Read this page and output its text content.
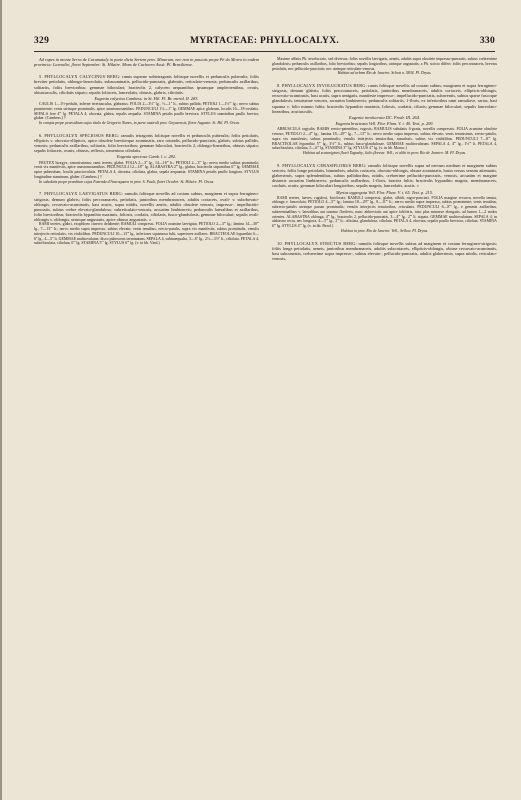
329	MYRTACEAE: PHYLLOCALYX.	330

Ad rupes in monte Serra de Curumataly in parte dicta Sertem prov. Minarum, nec non in pascuis prope Pé do Morro in eadem provincia: Lavradio; floret Septembri: St. Hilaire. Mons de Cachorro Assú: Pl. Brasiliense.

5. PHYLLOCALYX CALYCINUS BERG: ramis superne subtetragonis foliisque novellis et pedunculis puberulis; foliis breviter petiolatis, oblongo-lanceolatis, subacuminatis, pellucido-punctatis, glabratis, reticulato-venosis; pedunculis axillaribus, solitariis, foliis brevioribus; gemmae biloculari; bracteolis 2, calycem aequantibus ipsumque amplectentibus, ovatis, obtusiusculis, ciliolatis stipato; sepalis foliaceis, lanceolatis, obtusis, glabris, ciliolatis.

Eugenia calycina Cambess. in St. Hil. Fl. Br. merid. II. 283.

CAULIS 1—1½-pedalis, inferne teretiusculus, glabratus. FOLIA 2—3½'' lg., ½—1'' lt., subtus pallida; PETIOLI 1—1½''' lg.; nervo subtus prominente; venis utrinque prominulis, apice anastomosantibus. PEDUNCULI 1½—1'' lg. GEMMAE apice glabrum, loculis 16—18-ovulatis. SEPALA fere 4''' lg. PETALA 4, obovata, glabra, sepalis aequalia. STAMINA petalis paullo breviora. STYLUS staminibus paullo brevior, glaber. (Cambess.) †

In campis prope praesidium cujus titulo de Gregorio Nunes, in parte australi prov. Goyazensis, floret Augusto: St. Hil. Pl. Orcas.

6. PHYLLOCALYX SPECIOSUS BERG: ramulis tetragonis foliisque novellis et pedunculis puberulis; foliis petiolatis, ellipticis v. obovato-ellipticis, apice obsolete breviterque acuminatis, raro rotundis, pellucido-punctatis, glabris, subtus pallidis, venosis; pedunculis axillaribus, solitariis, folio brevioribus; gemmae biloculari, bracteolis 2, oblongo-linearibus, obtusis stipato; sepalis foliaceis, ovatis, obtusis, reflexis, tomentoso ciliolatis.

Eugenia speciosa Camb. l. c. 282.

FRUTEX biorgyx, ramosissimus; rami teretes, glabri. FOLIA 2—3'' lg., 14—16''' lt.; PETIOLI 2—3''' lg.; nervo medio subtus prominulo; venis vix manifestis, apice anastomosantibus. PEDUNCULI 12—18''' lg. ALABASTRA 2''' lg., glabra, bracteolis stipantibus 6''' lg. GEMMAE apice puberulum, loculis pauciovulatis. PETALA 4, obovata, ciliolata, glabra, sepala aequantia. STAMINA petalis paullo longiora. STYLUS longitudine staminum, glaber. (Cambess.) †

In subalatis prope praedium cujus Fazenda d'Araraquara in prov. S. Pauli, floret Octobri: St. Hilaire. Pl. Orcas.

7. PHYLLOCALYX LAEVIGATUS BERG: ramulis foliisque novellis ad costam subtus, marginem et supra ferrugineo-strigosis, demum glabris; foliis percoranaceis, petiolatis, junioribus membranaceis, adultis coriaceis, ovali- v. subobovato-oblongis, recurvato-acuminatis, basi acutis, supra nitidis, novellis aeniis, adultis obsolete venosis, impresso-, impellucido-punctatis, subtus crebre elevato-glanduloso, subreticulato-venosis, arcuatim limbinervis; pedunculis lateralibus et axillaribus, folio brevioribus; bracteolis hypanthio maximis, foliosis, cordatis, ciliolatis, fusco-glandulosis; gemmae biloculari; sepalis ovali-oblongis v. oblongis, utrinque angustatis, apice obtuso angustatis. ↄ

RAMI teretes, glabri, exophloeo cinereo delabente; RAMULI compressi. FOLIA acumine laevigata; PETIOLO 2—3''' lg.; lamina 14—30''' lg., 7—13''' lt.; nervo medio supra impresso, subtus elevato; venis tenuibus, erecto-patulis, supra vix manifestis, subtus prominulis, venulis interjectis reticulatis, vix visibilibus. PEDUNCULI 10—13''' lg., inferiores squamosa fulti, superiores axillares. BRACTEOLAE hypanthio 6—6'' lg., 4—5'' lt. GEMMAE multiovulatae, disco pubescens terminatum. SEPALA 4, subinaequalia, 3—6'' lg., 2½—3½'' lt., ciliolata. PETALA 4, suborbiculata, ciliolata, 6''' lg. STAMINA 5''' lg. STYLUS 6''' lg. (v. in hb. Vind.)

Maxime affinis Ph. involucrato, sed diversus: foliis novellis laevigatis, aeneis, adultis supra obsolete impresso-punctatis, subtus crebrerrime glandulosis; pedunculis axillaribus, folio brevioribus; sepalis longioribus, utrinque angustatis; a Ph. stricto differt: foliis percoranaceis, brevius petiolatis, nec pellucido-punctatis, nec utrinque reticulato-venosis.

Habitat ad urbem Rio de Janeiro: Schott n. 5834. Pl. Dryas.

8. PHYLLOCALYX INVOLUCRATUS BERG: ramis foliisque novellis ad costam subtus, marginem et supra ferrugineo-strigosis, demum glabris; foliis percoranaceis, petiolatis, junioribus membranaceis, adultis coriaceis, ellipticis-oblongis, recurvato-acuminatis, basi acutis, supra aenigatis, manifeste impresso-, impellucido-punctatis, subaveniis, subtus sparse fuscoque glandulosis, tenuissime venosis, arcuatim limbinervis; pedunculis solitariis, 1-floris, ex inferioribus rami ramuliave, rarius, basi squama v. folio minuto fultis; bracteolis hypanthio maximis, foliosis, cordatis, ciliatis; gemmae biloculari; sepalis lanceolato-linearibus, acutiusculis.

Eugenia involucrata DC. Prodr. III. 264.

Eugenia bracteata Vell. Flor. Flum. V. t. 40. Text. p. 209.

ARBUSCULA orgyalis; RAMIS erecto-patentibus, rugosis; RAMULIS subulatis 4-gonis, novellis compressis. FOLIA acumine obsolete venoso; PETIOLO 2—4''' lg.; lamina 18—29''' lg., 7—13''' lt.; nervo medio supra impresso, subtus elevato; venis tenuissimis, erecto-patulis, supra vix manifestis, subtus prominulis; venulis interjectis tenuioribus, ramulosis, subtus vix visibilibus. PEDUNCULI 7—8''' lg. BRACTEOLAE hypanthio 5''' lg., 3½''' lt., subtus fusco-glandulosae. GEMMAE multiovulatum. SEPALA 4, 4''' lg., 1½''' lt. PETALA 4, suborbiculata, ciliolata, 5—6''' lg. STAMINA 3''' lg. STYLUS 4''' lg. (v. in hb. Monac.)

Habitat ad scaturigines fluvii Taguahy, Julio floreus: Vell.; et alibi in prov. Rio de Janeiro: M. Pl. Dryas.

9. PHYLLOCALYX CERASIFLORUS BERG: ramulis foliisque novellis supra ad nervum medium et marginem subtus sericeis; foliis longe petiolatis, bimembris, adultis coriaceis, obovato-oblongis, obtuse acuminatis, basin versus sensim attenuatis, glaberrimis, supra splendentibus, subtus pallidioribus, nitidis, crebrerime pellucido-punctatis, venosis, arcuatim et margine distantis arcuatim limbinervis; pedunculis axillaribus, 1-floris, bractea fultis; bracteolis hypanthio magnis, membranaceis, cordatis, acutis; gemmae biloculari longioribus; sepalis magnis, lanceolatis, acutis. ↄ

Myrtus aggregata Vell. Flor. Flum. V. t. 65. Text. p. 215.

RAMI teretes, laeves, rugulosi, bicolorati; RAMULI compressi, glabri, albidi, nigro-punctati. FOLIA margine recurva, novella tenuia, oblonga v. lanceolata; PETIOLO 4—5''' lg.; lamina 18—29''' lg., 8—11''' lt.; nervo medio supra impresso, subtus prominente; venis tenuibus, subrecto-patulis utrinque parum prominulis; venulis interjectis tenuioribus, reticulatis. PEDUNCULI 6—8''' lg., e gemmis axillaribus, subterminalibus v. lateralibus aut summo floriferis, nunc abbreviatis aut apice foliiferis, tunc plus minusve elongatis, ad lumen 1—2 nodos orientes. ALABASTRA oblonga, 4''' lg., bracteolis 2, pellucido-punctatis, 3—4''' lg., 2''' lt. stipata. GEMMAE multiovulatum. SEPALA 4, in alabastro recta, nec longiora, 4—5''' lg., 2''' lt., ciliolata, glandulosa, ciliolata. PETALA 4, obovata, sepalis paullo breviora, ciliolata. STAMINA 6''' lg. STYLUS 4''' lg. (v. in hb. Berol.)

Habitat in prov. Rio de Janeiro: Vell., Sellow. Pl. Dryas.

10. PHYLLOCALYX STRICTUS BERG: ramulis foliisque novellis subtus ad marginem et costam ferrugineo-strigosis; foliis longe petiolatis, aeneis, junioribus membranaceis, adultis subcoriaceis, ellipticis-oblongis, obtuse recurvato-acuminatis, basi subcuneatis, crebrerrime supra impresso-, subtus elevato-, pellucido-punctatis, adultis glaberrimis, supra nitidis, reticulato-venosis,
